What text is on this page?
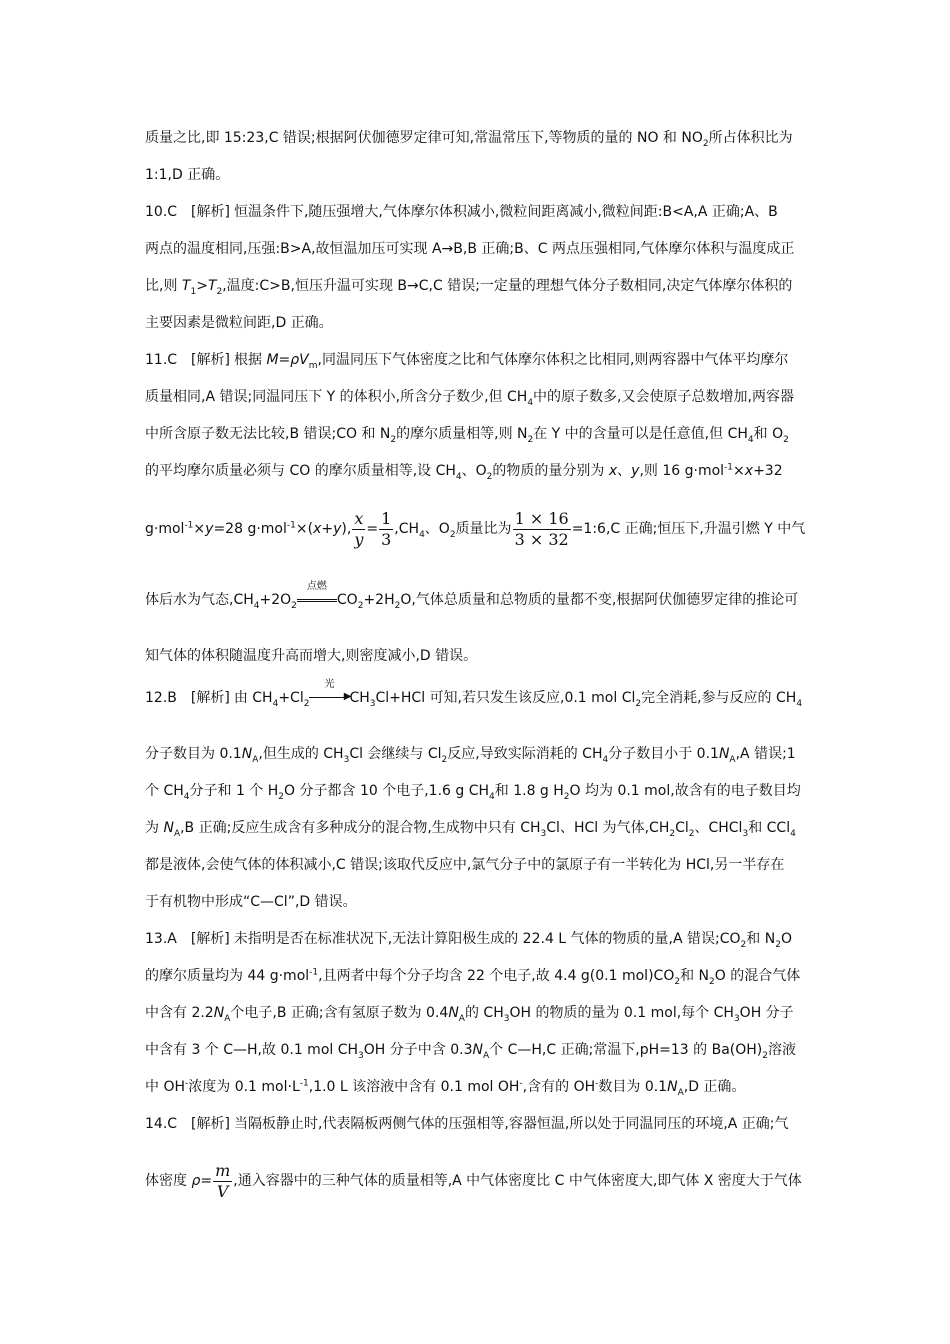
质量之比,即 15:23,C 错误;根据阿伏伽德罗定律可知,常温常压下,等物质的量的 NO 和 $NO_2$所占体积比为
1:1,D 正确。
10.C [解析] 恒温条件下,随压强增大,气体摩尔体积减小,微粒间距离减小,微粒间距:B<A,A 正确;A、B
两点的温度相同,压强:B>A,故恒温加压可实现 A→B,B 正确;B、C 两点压强相同,气体摩尔体积与温度成正
比,则 $T_1>T_2$,温度:C>B,恒压升温可实现 B→C,C 错误;一定量的理想气体分子数相同,决定气体摩尔体积的
主要因素是微粒间距,D 正确。
11.C [解析] 根据 $M=\rho V_m$,同温同压下气体密度之比和气体摩尔体积之比相同,则两容器中气体平均摩尔
质量相同,A 错误;同温同压下 Y 的体积小,所含分子数少,但 $CH_4$中的原子数多,又会使原子总数增加,两容器
中所含原子数无法比较,B 错误;CO 和 $N_2$的摩尔质量相等,则 $N_2$在 Y 中的含量可以是任意值,但 $CH_4$和 $O_2$
的平均摩尔质量必须与 CO 的摩尔质量相等,设 $CH_4$、$O_2$的物质的量分别为 x、y,则 16 g·mol$^{-1}$×x+32
g·mol$^{-1}$×y=28 g·mol$^{-1}$×(x+y), $\frac{x}{y} = \frac{1}{3} ,CH_4$、$O_2$质量比为 $\frac{1 \times 16}{3 \times 32}$ =1:6,C 正确;恒压下,升温引燃 Y 中气
体后水为气态$,CH_4+2O_2$
点燃
$CO_2+2H_2O$,气体总质量和总物质的量都不变,根据阿伏伽德罗定律的推论可
知气体的体积随温度升高而增大,则密度减小,D 错误。
12.B [解析] 由 $CH_4+Cl_2$
光
▶
$CH_3Cl+HCl$ 可知,若只发生该反应,0.1 mol $Cl_2$完全消耗,参与反应的 $CH_4$
分子数目为 $0.1N_A$,但生成的 $CH_3Cl$ 会继续与 $Cl_2$反应,导致实际消耗的 $CH_4$分子数目小于 $0.1N_A,A$ 错误;1
个 $CH_4$分子和 1 个 $H_2O$ 分子都含 10 个电子,1.6 g $CH_4$和 1.8 g $H_2O$ 均为 0.1 mol,故含有的电子数目均
为 $N_A,B$ 正确;反应生成含有多种成分的混合物,生成物中只有 $CH_3Cl$、HCl 为气体$,CH_2Cl_2$、CHCl$_3$和 CCl$_4$
都是液体,会使气体的体积减小,C 错误;该取代反应中,氯气分子中的氯原子有一半转化为 HCl,另一半存在
于有机物中形成“C—Cl”,D 错误。
13.A [解析] 未指明是否在标准状况下,无法计算阳极生成的 22.4 L 气体的物质的量,A 错误$;CO_2$和 $N_2O$
的摩尔质量均为 44 g·mol$^{-1}$,且两者中每个分子均含 22 个电子,故 4.4 g(0.1 $mol)CO_2$和 $N_2O$ 的混合气体
中含有 $2.2N_A$个电子,B 正确;含有氢原子数为 $0.4N_A$的 $CH_3OH$ 的物质的量为 0.1 mol,每个 $CH_3OH$ 分子
中含有 3 个 C—H,故 0.1 mol $CH_3OH$ 分子中含 $0.3N_A$个 C—H,C 正确;常温下,pH=13 的 $Ba(OH)_2$溶液
中 OH-浓度为 0.1 $mol\cdot L^{-1},1.0$ L 该溶液中含有 0.1 mol OH-,含有的 OH-数目为 $0.1N_A,D$ 正确。
14.C [解析] 当隔板静止时,代表隔板两侧气体的压强相等,容器恒温,所以处于同温同压的环境,A 正确;气
体密度 $\rho= \frac{m}{V}$ ,通入容器中的三种气体的质量相等,A 中气体密度比 C 中气体密度大,即气体 X 密度大于气体
